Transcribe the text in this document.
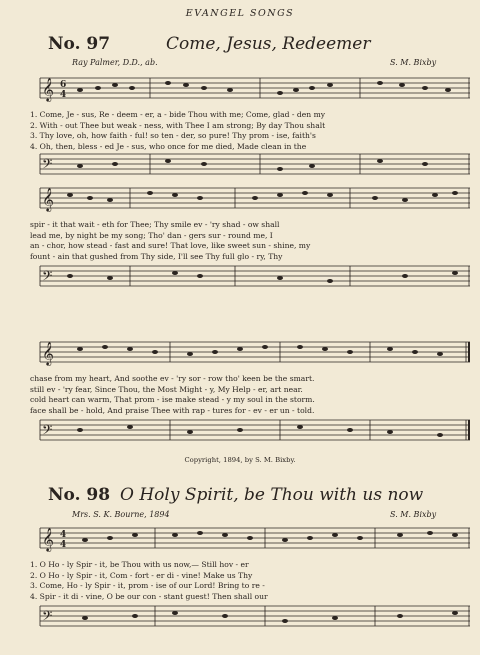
EVANGEL SONGS
No. 97	Come, Jesus, Redeemer
Ray Palmer, D.D., ab.	S. M. Bixby
𝄞 6
4
1. Come, Je - sus, Re - deem - er, a - bide Thou with me; Come, glad - den my
2. With - out Thee but weak - ness, with Thee I am strong; By day Thou shalt
3. Thy love, oh, how faith - ful! so ten - der, so pure! Thy prom - ise, faith's
4. Oh, then, bless - ed Je - sus, who once for me died, Made clean in the
𝄢
𝄞
spir - it that wait - eth for Thee; Thy smile ev - 'ry shad - ow shall
lead me, by night be my song; Tho' dan - gers sur - round me, I
an - chor, how stead - fast and sure! That love, like sweet sun - shine, my
fount - ain that gushed from Thy side, I'll see Thy full glo - ry, Thy
𝄢
𝄞
chase from my heart, And soothe ev - 'ry sor - row tho' keen be the smart.
still ev - 'ry fear, Since Thou, the Most Might - y, My Help - er, art near.
cold heart can warm, That prom - ise make stead - y my soul in the storm.
face shall be - hold, And praise Thee with rap - tures for - ev - er un - told.
𝄢
Copyright, 1894, by S. M. Bixby.
No. 98 O Holy Spirit, be Thou with us now
Mrs. S. K. Bourne, 1894	S. M. Bixby
𝄞 4
4
1. O Ho - ly Spir - it, be Thou with us now,— Still hov - er
2. O Ho - ly Spir - it, Com - fort - er di - vine! Make us Thy
3. Come, Ho - ly Spir - it, prom - ise of our Lord! Bring to re -
4. Spir - it di - vine, O be our con - stant guest! Then shall our
𝄢
